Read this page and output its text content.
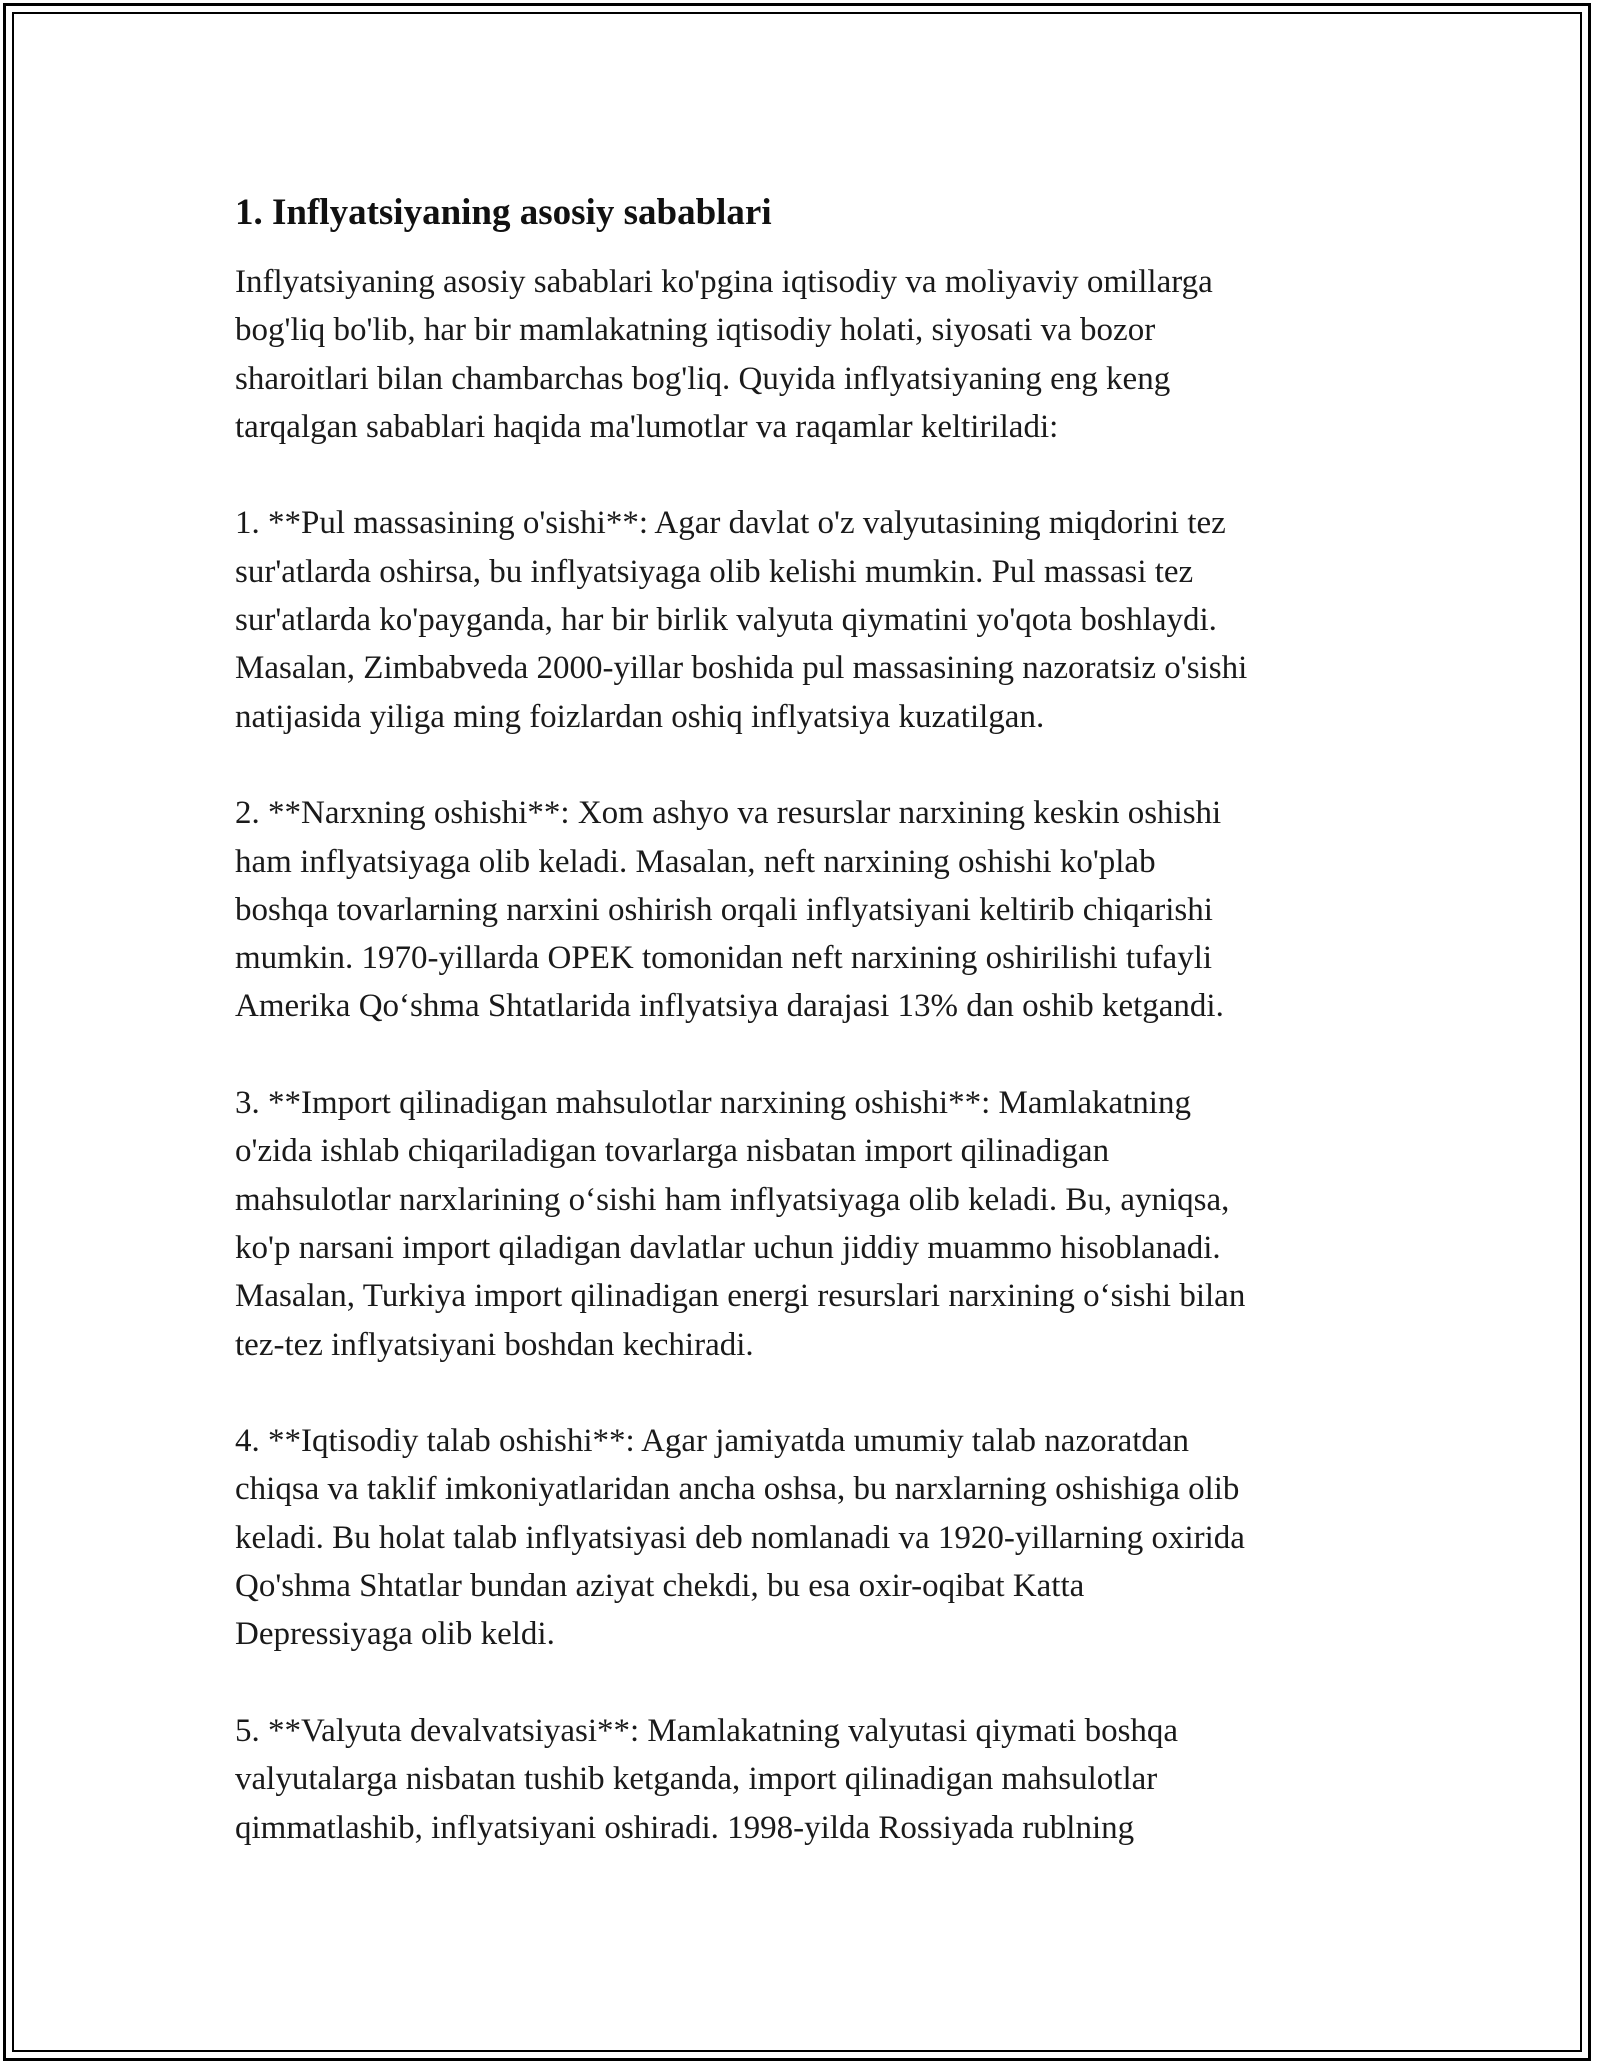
1. Inflyatsiyaning asosiy sabablari

Inflyatsiyaning asosiy sabablari ko'pgina iqtisodiy va moliyaviy omillarga
bog'liq bo'lib, har bir mamlakatning iqtisodiy holati, siyosati va bozor
sharoitlari bilan chambarchas bog'liq. Quyida inflyatsiyaning eng keng
tarqalgan sabablari haqida ma'lumotlar va raqamlar keltiriladi:

1. **Pul massasining o'sishi**: Agar davlat o'z valyutasining miqdorini tez
sur'atlarda oshirsa, bu inflyatsiyaga olib kelishi mumkin. Pul massasi tez
sur'atlarda ko'payganda, har bir birlik valyuta qiymatini yo'qota boshlaydi.
Masalan, Zimbabveda 2000-yillar boshida pul massasining nazoratsiz o'sishi
natijasida yiliga ming foizlardan oshiq inflyatsiya kuzatilgan.

2. **Narxning oshishi**: Xom ashyo va resurslar narxining keskin oshishi
ham inflyatsiyaga olib keladi. Masalan, neft narxining oshishi ko'plab
boshqa tovarlarning narxini oshirish orqali inflyatsiyani keltirib chiqarishi
mumkin. 1970-yillarda OPEK tomonidan neft narxining oshirilishi tufayli
Amerika Qo‘shma Shtatlarida inflyatsiya darajasi 13% dan oshib ketgandi.

3. **Import qilinadigan mahsulotlar narxining oshishi**: Mamlakatning
o'zida ishlab chiqariladigan tovarlarga nisbatan import qilinadigan
mahsulotlar narxlarining o‘sishi ham inflyatsiyaga olib keladi. Bu, ayniqsa,
ko'p narsani import qiladigan davlatlar uchun jiddiy muammo hisoblanadi.
Masalan, Turkiya import qilinadigan energi resurslari narxining o‘sishi bilan
tez-tez inflyatsiyani boshdan kechiradi.

4. **Iqtisodiy talab oshishi**: Agar jamiyatda umumiy talab nazoratdan
chiqsa va taklif imkoniyatlaridan ancha oshsa, bu narxlarning oshishiga olib
keladi. Bu holat talab inflyatsiyasi deb nomlanadi va 1920-yillarning oxirida
Qo'shma Shtatlar bundan aziyat chekdi, bu esa oxir-oqibat Katta
Depressiyaga olib keldi.

5. **Valyuta devalvatsiyasi**: Mamlakatning valyutasi qiymati boshqa
valyutalarga nisbatan tushib ketganda, import qilinadigan mahsulotlar
qimmatlashib, inflyatsiyani oshiradi. 1998-yilda Rossiyada rublning
